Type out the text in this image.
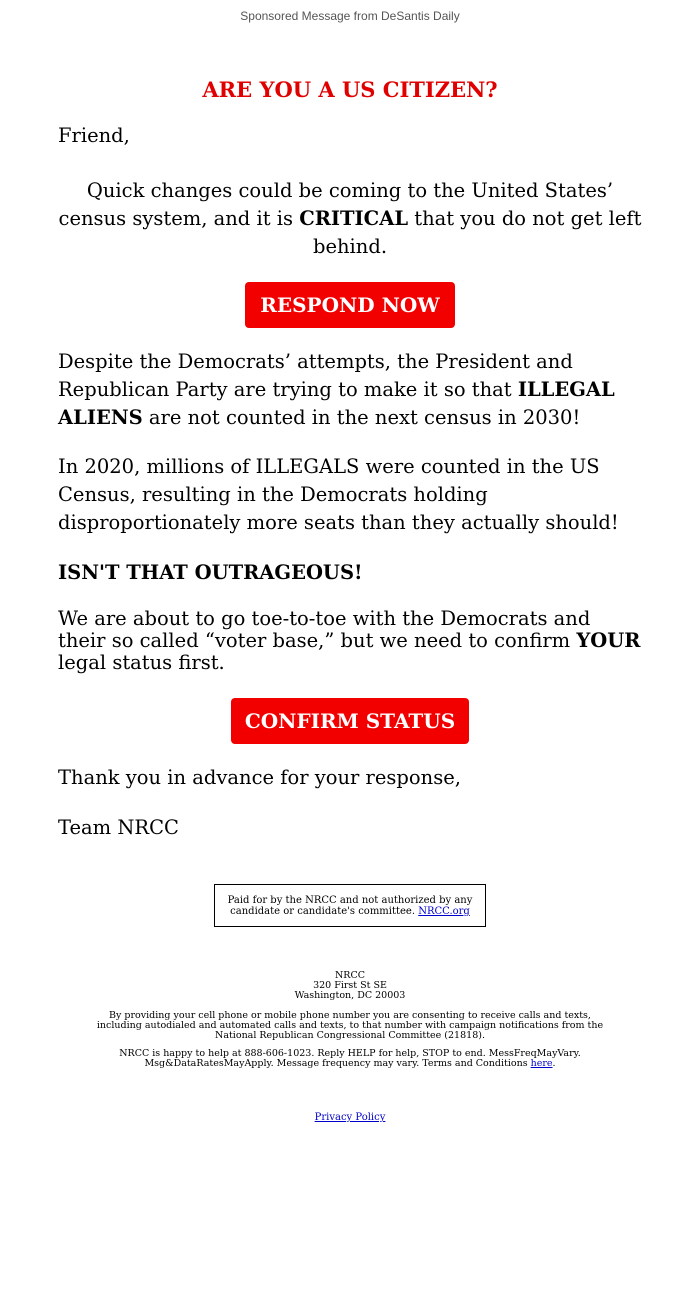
Sponsored Message from DeSantis Daily
ARE YOU A US CITIZEN?

Friend,

Quick changes could be coming to the United States’ census system, and it is CRITICAL that you do not get left behind.

RESPOND NOW

Despite the Democrats’ attempts, the President and Republican Party are trying to make it so that ILLEGAL ALIENS are not counted in the next census in 2030!

In 2020, millions of ILLEGALS were counted in the US Census, resulting in the Democrats holding disproportionately more seats than they actually should!

ISN'T THAT OUTRAGEOUS!

We are about to go toe-to-toe with the Democrats and their so called “voter base,” but we need to confirm YOUR legal status first.

CONFIRM STATUS

Thank you in advance for your response,

Team NRCC

Paid for by the NRCC and not authorized by any candidate or candidate's committee. NRCC.org
NRCC
320 First St SE
Washington, DC 20003
By providing your cell phone or mobile phone number you are consenting to receive calls and texts, including autodialed and automated calls and texts, to that number with campaign notifications from the National Republican Congressional Committee (21818).
NRCC is happy to help at 888-606-1023. Reply HELP for help, STOP to end. MessFreqMayVary. Msg&DataRatesMayApply. Message frequency may vary. Terms and Conditions here.
Privacy Policy
